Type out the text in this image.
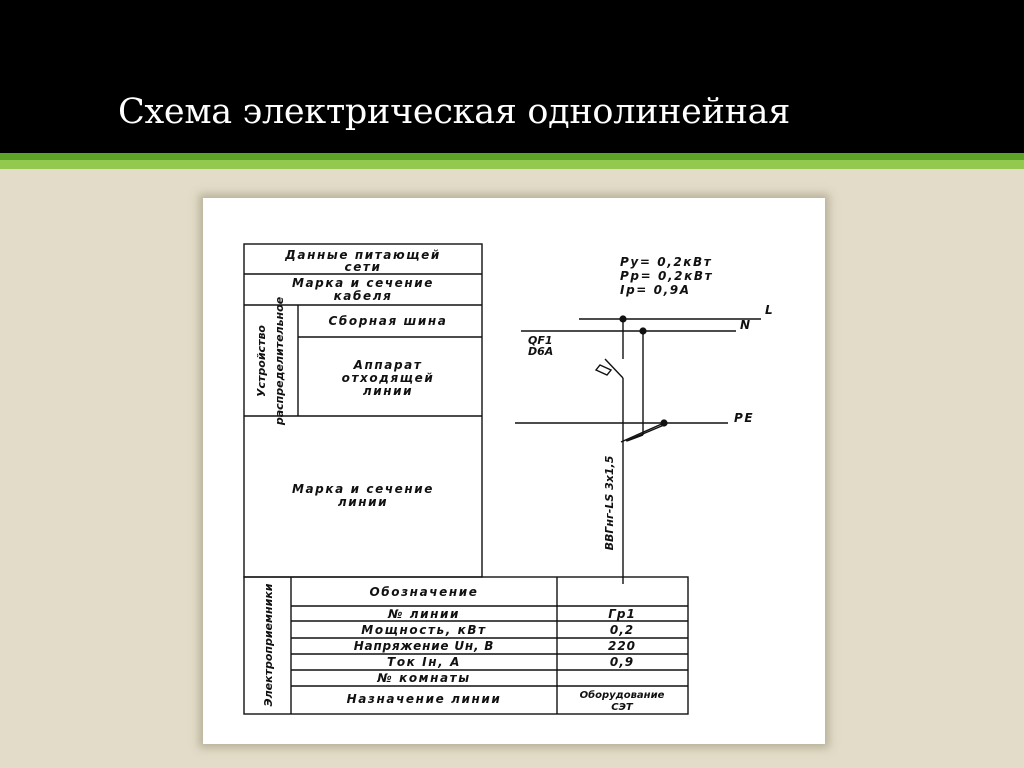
Схема электрическая однолинейная
Данные питающей
сети
Марка и сечение
кабеля
Сборная шина
Аппарат
отходящей
линии
Марка и сечение
линии
Устройство распределительное
Электроприемники	Обозначение
№ линии
Мощность, кВт
Напряжение Uн, В
Ток Iн, А
№ комнаты
Назначение линии
Гр1
0,2
220
0,9
Оборудование
СЭТ
Ру= 0,2кВт
Рр= 0,2кВт
Iр= 0,9А
L
N
PE
QF1
D6A
ВВГнг-LS 3х1,5
